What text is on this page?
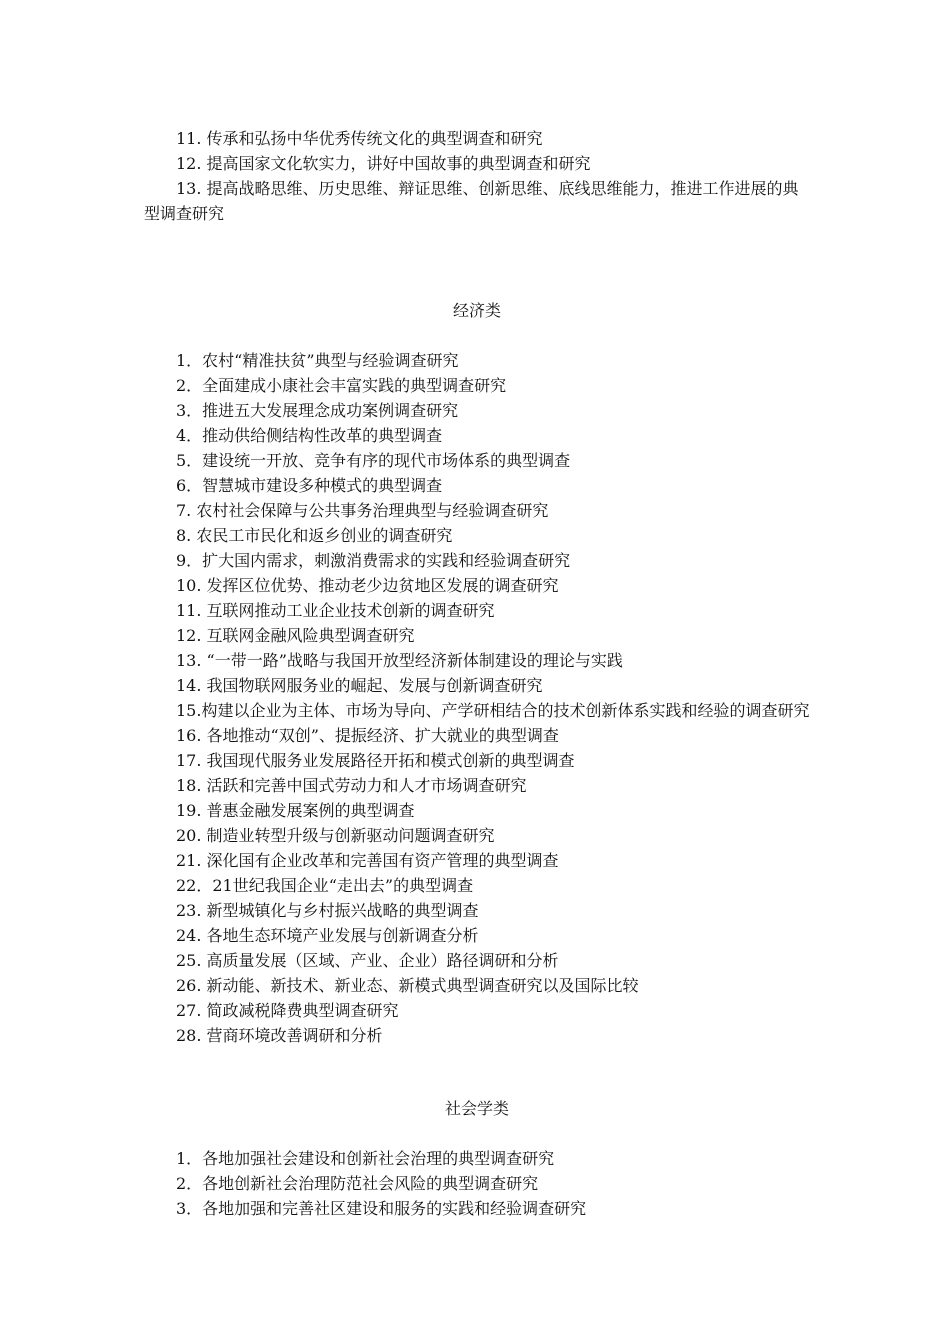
11. 传承和弘扬中华优秀传统文化的典型调查和研究

12. 提高国家文化软实力，讲好中国故事的典型调查和研究

13. 提高战略思维、历史思维、辩证思维、创新思维、底线思维能力，推进工作进展的典型调查研究

经济类

1．农村“精准扶贫”典型与经验调查研究

2．全面建成小康社会丰富实践的典型调查研究

3．推进五大发展理念成功案例调查研究

4．推动供给侧结构性改革的典型调查

5．建设统一开放、竞争有序的现代市场体系的典型调查

6．智慧城市建设多种模式的典型调查

7. 农村社会保障与公共事务治理典型与经验调查研究

8. 农民工市民化和返乡创业的调查研究

9．扩大国内需求，刺激消费需求的实践和经验调查研究

10. 发挥区位优势、推动老少边贫地区发展的调查研究

11. 互联网推动工业企业技术创新的调查研究

12. 互联网金融风险典型调查研究

13. “一带一路”战略与我国开放型经济新体制建设的理论与实践

14. 我国物联网服务业的崛起、发展与创新调查研究

15.构建以企业为主体、市场为导向、产学研相结合的技术创新体系实践和经验的调查研究

16. 各地推动“双创”、提振经济、扩大就业的典型调查

17. 我国现代服务业发展路径开拓和模式创新的典型调查

18. 活跃和完善中国式劳动力和人才市场调查研究

19. 普惠金融发展案例的典型调查

20. 制造业转型升级与创新驱动问题调查研究

21. 深化国有企业改革和完善国有资产管理的典型调查

22．21世纪我国企业“走出去”的典型调查

23. 新型城镇化与乡村振兴战略的典型调查

24. 各地生态环境产业发展与创新调查分析

25. 高质量发展（区域、产业、企业）路径调研和分析

26. 新动能、新技术、新业态、新模式典型调查研究以及国际比较

27. 简政减税降费典型调查研究

28. 营商环境改善调研和分析

社会学类

1．各地加强社会建设和创新社会治理的典型调查研究

2．各地创新社会治理防范社会风险的典型调查研究

3．各地加强和完善社区建设和服务的实践和经验调查研究
